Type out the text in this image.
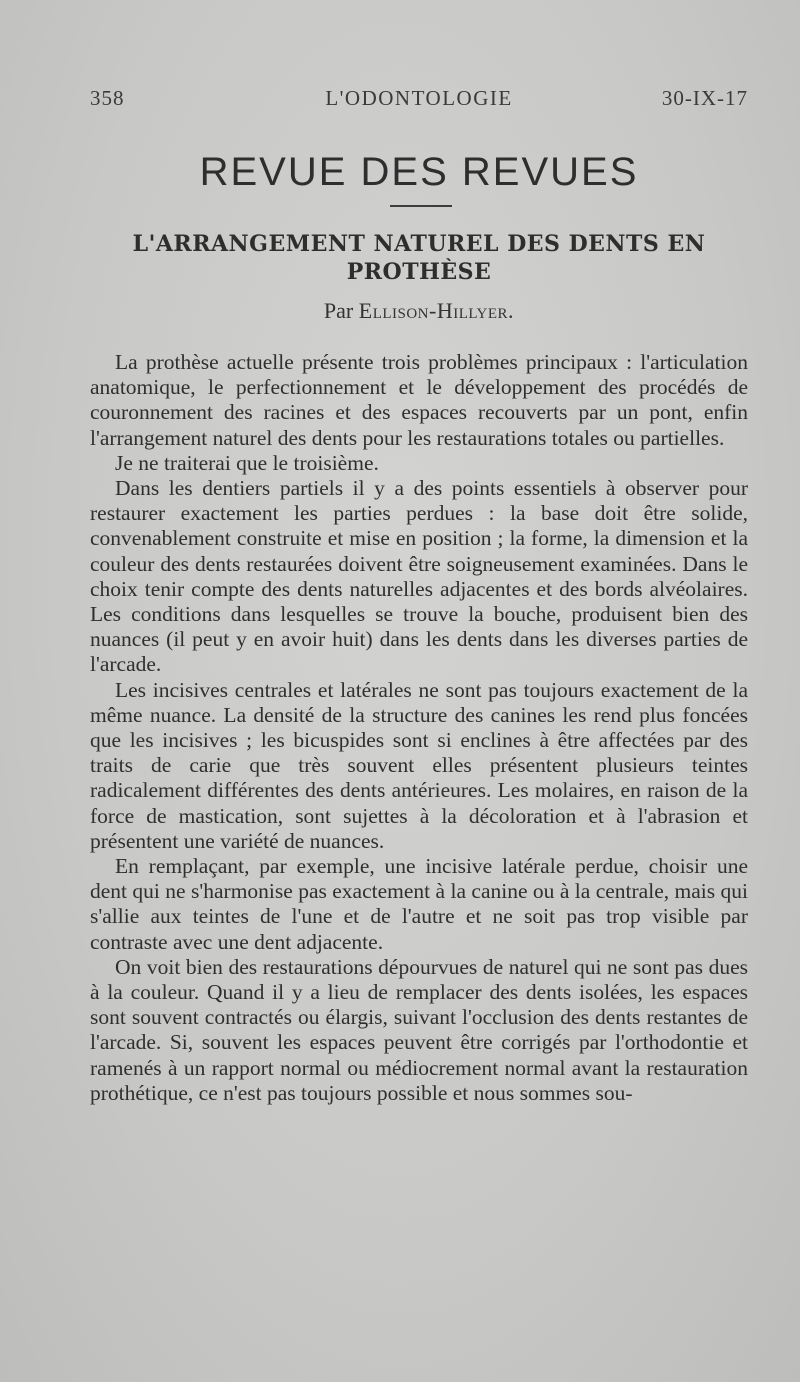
358	L'ODONTOLOGIE	30-IX-17
REVUE DES REVUES
L'ARRANGEMENT NATUREL DES DENTS EN PROTHÈSE
Par Ellison-Hillyer.

La prothèse actuelle présente trois problèmes principaux : l'articulation anatomique, le perfectionnement et le développement des procédés de couronnement des racines et des espaces recouverts par un pont, enfin l'arrangement naturel des dents pour les restaurations totales ou partielles.

Je ne traiterai que le troisième.

Dans les dentiers partiels il y a des points essentiels à observer pour restaurer exactement les parties perdues : la base doit être solide, convenablement construite et mise en position ; la forme, la dimension et la couleur des dents restaurées doivent être soigneusement examinées. Dans le choix tenir compte des dents naturelles adjacentes et des bords alvéolaires. Les conditions dans lesquelles se trouve la bouche, produisent bien des nuances (il peut y en avoir huit) dans les dents dans les diverses parties de l'arcade.

Les incisives centrales et latérales ne sont pas toujours exactement de la même nuance. La densité de la structure des canines les rend plus foncées que les incisives ; les bicuspides sont si enclines à être affectées par des traits de carie que très souvent elles présentent plusieurs teintes radicalement différentes des dents antérieures. Les molaires, en raison de la force de mastication, sont sujettes à la décoloration et à l'abrasion et présentent une variété de nuances.

En remplaçant, par exemple, une incisive latérale perdue, choisir une dent qui ne s'harmonise pas exactement à la canine ou à la centrale, mais qui s'allie aux teintes de l'une et de l'autre et ne soit pas trop visible par contraste avec une dent adjacente.

On voit bien des restaurations dépourvues de naturel qui ne sont pas dues à la couleur. Quand il y a lieu de remplacer des dents isolées, les espaces sont souvent contractés ou élargis, suivant l'occlusion des dents restantes de l'arcade. Si, souvent les espaces peuvent être corrigés par l'orthodontie et ramenés à un rapport normal ou médiocrement normal avant la restauration prothétique, ce n'est pas toujours possible et nous sommes sou-
